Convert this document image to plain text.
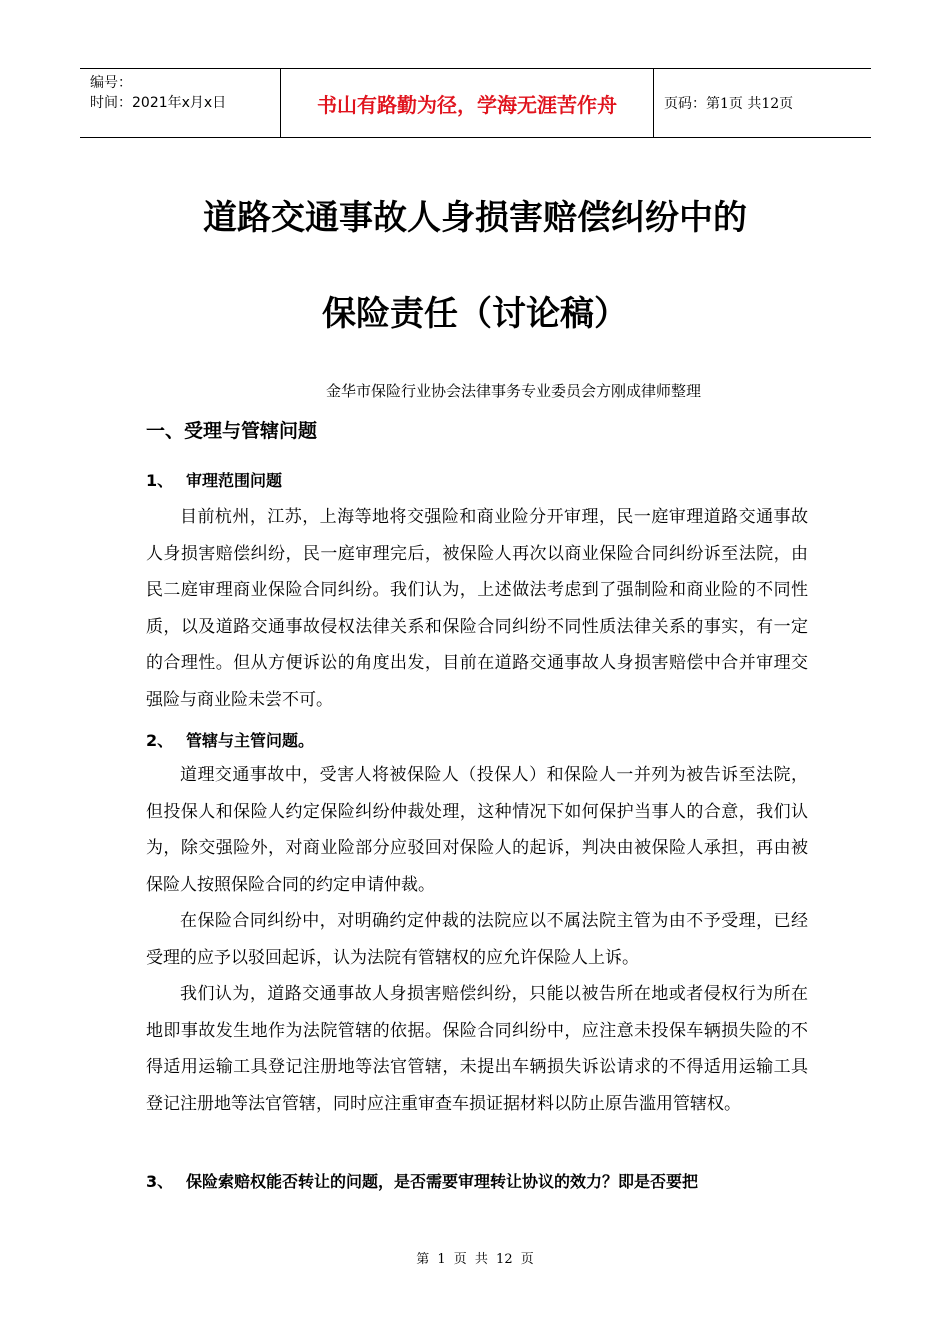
编号：
时间：2021年x月x日	书山有路勤为径，学海无涯苦作舟	页码：第1页 共12页
道路交通事故人身损害赔偿纠纷中的
保险责任（讨论稿）
金华市保险行业协会法律事务专业委员会方刚成律师整理
一、受理与管辖问题
1、 审理范围问题

目前杭州，江苏，上海等地将交强险和商业险分开审理，民一庭审理道路交通事故人身损害赔偿纠纷，民一庭审理完后，被保险人再次以商业保险合同纠纷诉至法院，由民二庭审理商业保险合同纠纷。我们认为，上述做法考虑到了强制险和商业险的不同性质，以及道路交通事故侵权法律关系和保险合同纠纷不同性质法律关系的事实，有一定的合理性。但从方便诉讼的角度出发，目前在道路交通事故人身损害赔偿中合并审理交强险与商业险未尝不可。

2、 管辖与主管问题。

道理交通事故中，受害人将被保险人（投保人）和保险人一并列为被告诉至法院，但投保人和保险人约定保险纠纷仲裁处理，这种情况下如何保护当事人的合意，我们认为，除交强险外，对商业险部分应驳回对保险人的起诉，判决由被保险人承担，再由被保险人按照保险合同的约定申请仲裁。

在保险合同纠纷中，对明确约定仲裁的法院应以不属法院主管为由不予受理，已经受理的应予以驳回起诉，认为法院有管辖权的应允许保险人上诉。

我们认为，道路交通事故人身损害赔偿纠纷，只能以被告所在地或者侵权行为所在地即事故发生地作为法院管辖的依据。保险合同纠纷中，应注意未投保车辆损失险的不得适用运输工具登记注册地等法官管辖，未提出车辆损失诉讼请求的不得适用运输工具登记注册地等法官管辖，同时应注重审查车损证据材料以防止原告滥用管辖权。

3、 保险索赔权能否转让的问题，是否需要审理转让协议的效力？即是否要把
第 1 页 共 12 页
